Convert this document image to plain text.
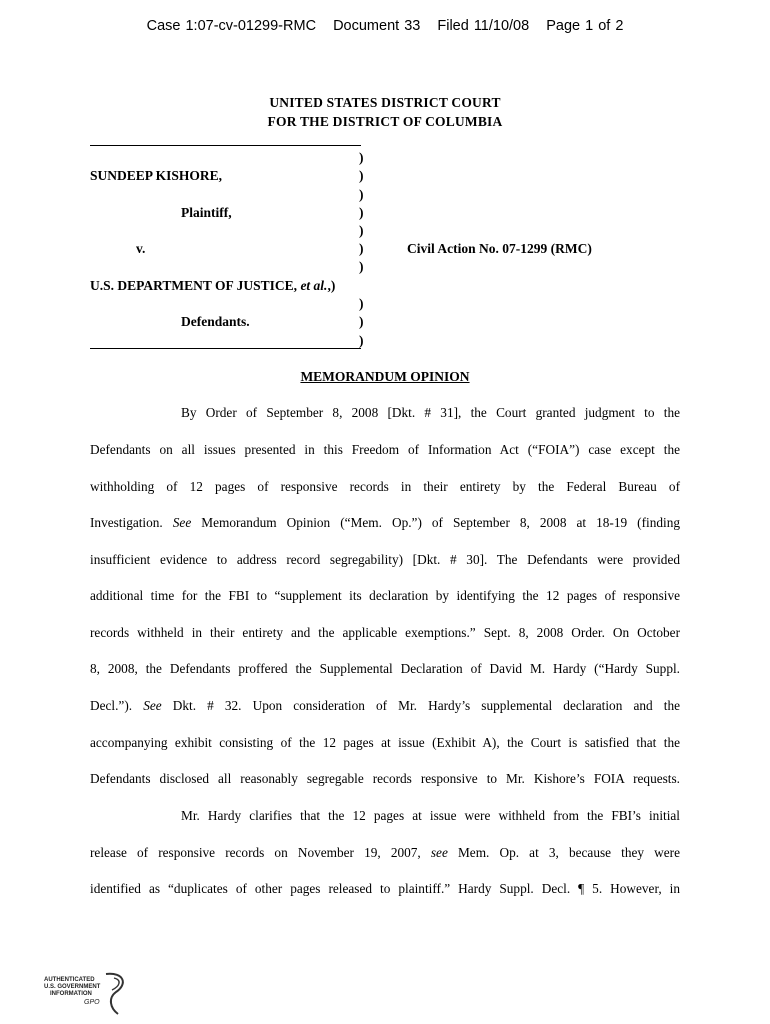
Case 1:07-cv-01299-RMC Document 33 Filed 11/10/08 Page 1 of 2
UNITED STATES DISTRICT COURT
FOR THE DISTRICT OF COLUMBIA
)
)
)
)
)
)
)
)
)
)
SUNDEEP KISHORE,
Plaintiff,
v.	Civil Action No. 07-1299 (RMC)
U.S. DEPARTMENT OF JUSTICE, et al.,)
Defendants.
MEMORANDUM OPINION
By Order of September 8, 2008 [Dkt. # 31], the Court granted judgment to the
Defendants on all issues presented in this Freedom of Information Act (“FOIA”) case except the
withholding of 12 pages of responsive records in their entirety by the Federal Bureau of
Investigation. See Memorandum Opinion (“Mem. Op.”) of September 8, 2008 at 18-19 (finding
insufficient evidence to address record segregability) [Dkt. # 30]. The Defendants were provided
additional time for the FBI to “supplement its declaration by identifying the 12 pages of responsive
records withheld in their entirety and the applicable exemptions.” Sept. 8, 2008 Order. On October
8, 2008, the Defendants proffered the Supplemental Declaration of David M. Hardy (“Hardy Suppl.
Decl.”). See Dkt. # 32. Upon consideration of Mr. Hardy’s supplemental declaration and the
accompanying exhibit consisting of the 12 pages at issue (Exhibit A), the Court is satisfied that the
Defendants disclosed all reasonably segregable records responsive to Mr. Kishore’s FOIA requests.
Mr. Hardy clarifies that the 12 pages at issue were withheld from the FBI’s initial
release of responsive records on November 19, 2007, see Mem. Op. at 3, because they were
identified as “duplicates of other pages released to plaintiff.” Hardy Suppl. Decl. ¶ 5. However, in
AUTHENTICATED
U.S. GOVERNMENT
INFORMATION
GPO
